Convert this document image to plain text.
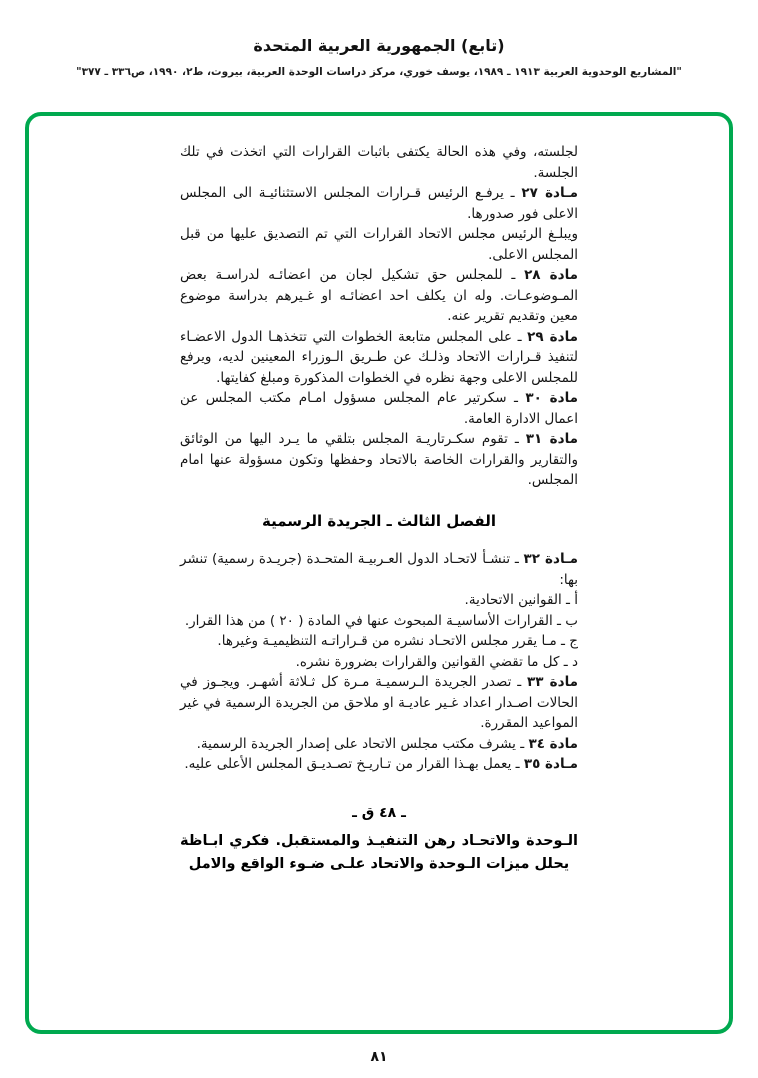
(تابع) الجمهورية العربية المتحدة
"المشاريع الوحدوية العربية ١٩١٣ ـ ١٩٨٩، يوسف خوري، مركز دراسات الوحدة العربية، بيروت، ط٢، ١٩٩٠، ص٣٣٦ ـ ٣٧٧"

لجلسته، وفي هذه الحالة يكتفى باثبات القرارات التي اتخذت في تلك الجلسة.

مـادة ٢٧ ـ يرفـع الرئيس قـرارات المجلس الاستثنائيـة الى المجلس الاعلى فور صدورها.

ويبلـغ الرئيس مجلس الاتحاد القرارات التي تم التصديق عليها من قبل المجلس الاعلى.

مادة ٢٨ ـ للمجلس حق تشكيل لجان من اعضائـه لدراسـة بعض المـوضوعـات. وله ان يكلف احد اعضائـه او غـيرهم بدراسة موضوع معين وتقديم تقرير عنه.

مادة ٢٩ ـ على المجلس متابعة الخطوات التي تتخذهـا الدول الاعضـاء لتنفيذ قـرارات الاتحاد وذلـك عن طـريق الـوزراء المعينين لديه، ويرفع للمجلس الاعلى وجهة نظره في الخطوات المذكورة ومبلغ كفايتها.

مادة ٣٠ ـ سكرتير عام المجلس مسؤول امـام مكتب المجلس عن اعمال الادارة العامة.

مادة ٣١ ـ تقوم سكـرتاريـة المجلس بتلقي ما يـرد اليها من الوثائق والتقارير والقرارات الخاصة بالاتحاد وحفظها وتكون مسؤولة عنها امام المجلس.

الفصل الثالث ـ الجريدة الرسمية

مـادة ٣٢ ـ تنشـأ لاتحـاد الدول العـربيـة المتحـدة (جريـدة رسمية) تنشر بها:

أ ـ القوانين الاتحادية.

ب ـ القرارات الأساسيـة المبحوث عنها في المادة ( ٢٠ ) من هذا القرار.

ج ـ مـا يقرر مجلس الاتحـاد نشره من قـراراتـه التنظيميـة وغيرها.

د ـ كل ما تقضي القوانين والقرارات بضرورة نشره.

مادة ٣٣ ـ تصدر الجريدة الـرسميـة مـرة كل ثـلاثة أشهـر. ويجـوز في الحالات اصـدار اعداد غـير عاديـة او ملاحق من الجريدة الرسمية في غير المواعيد المقررة.

مادة ٣٤ ـ يشرف مكتب مجلس الاتحاد على إصدار الجريدة الرسمية.

مـادة ٣٥ ـ يعمل بهـذا القرار من تـاريـخ تصـديـق المجلس الأعلى عليه.

ـ ٤٨ ق ـ
الـوحدة والاتحـاد رهن التنفيـذ والمستقبل. فكري ابـاظة يحلل ميزات الـوحدة والاتحاد علـى ضـوء الواقع والامل
٨١
